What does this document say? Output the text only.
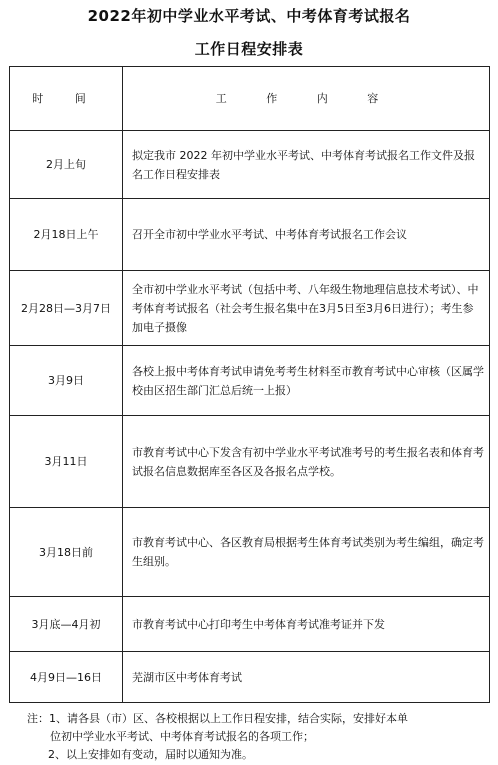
2022年初中学业水平考试、中考体育考试报名
工作日程安排表
时 间	工 作 内 容
2月上旬	拟定我市 2022 年初中学业水平考试、中考体育考试报名工作文件及报名工作日程安排表
2月18日上午	召开全市初中学业水平考试、中考体育考试报名工作会议
2月28日—3月7日	全市初中学业水平考试（包括中考、八年级生物地理信息技术考试）、中考体育考试报名（社会考生报名集中在3月5日至3月6日进行）；考生参加电子摄像
3月9日	各校上报中考体育考试申请免考考生材料至市教育考试中心审核（区属学校由区招生部门汇总后统一上报）
3月11日	市教育考试中心下发含有初中学业水平考试准考号的考生报名表和体育考试报名信息数据库至各区及各报名点学校。
3月18日前	市教育考试中心、各区教育局根据考生体育考试类别为考生编组，确定考生组别。
3月底—4月初	市教育考试中心打印考生中考体育考试准考证并下发
4月9日—16日	芜湖市区中考体育考试
注：1、请各县（市）区、各校根据以上工作日程安排，结合实际，安排好本单
位初中学业水平考试、中考体育考试报名的各项工作；
2、以上安排如有变动，届时以通知为准。
